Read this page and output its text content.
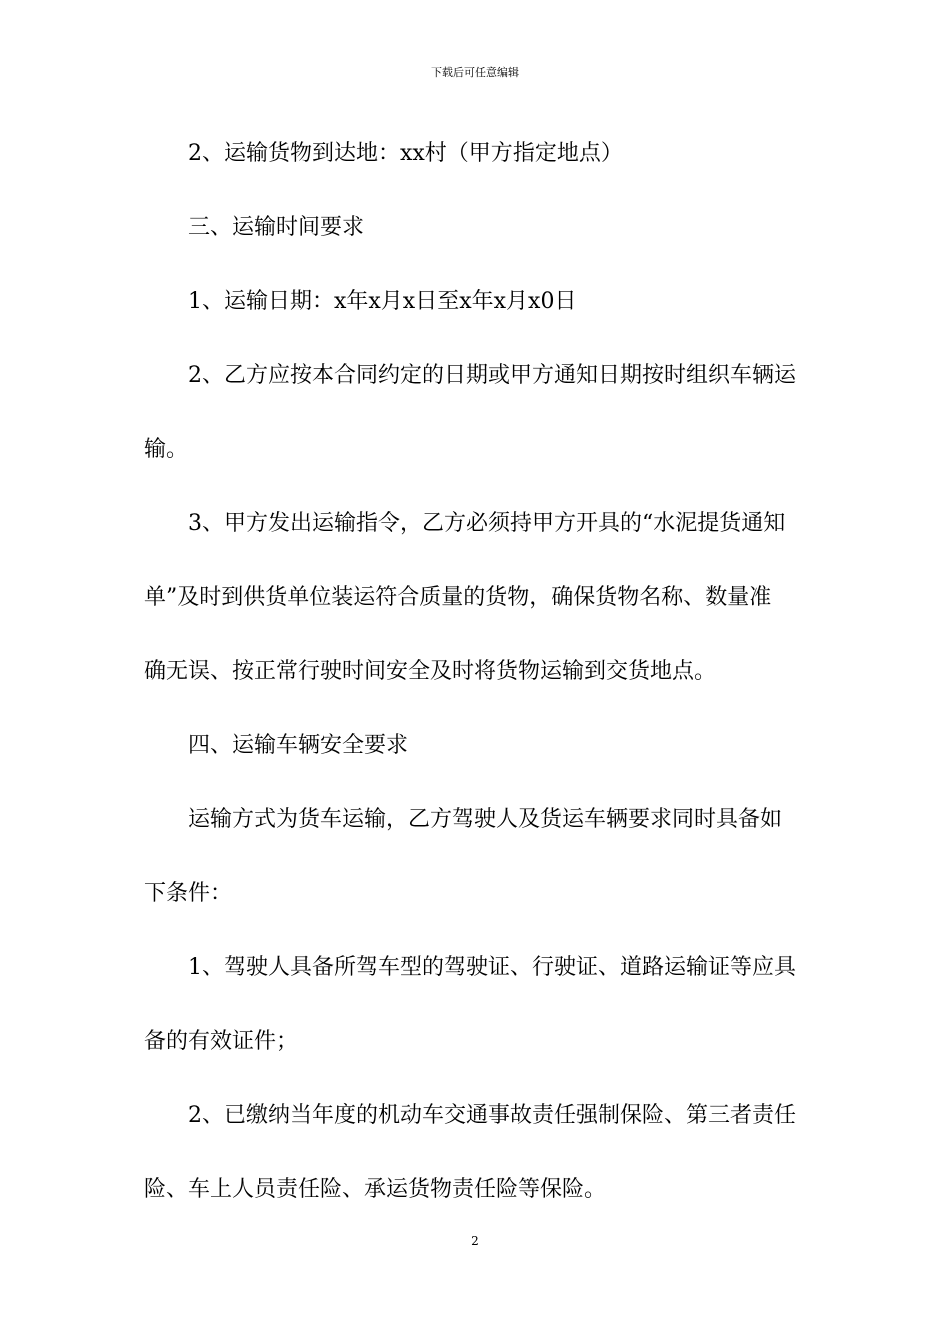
下载后可任意编辑
2、运输货物到达地：xx村（甲方指定地点）
三、运输时间要求
1、运输日期：x年x月x日至x年x月x0日
2、乙方应按本合同约定的日期或甲方通知日期按时组织车辆运
输。
3、甲方发出运输指令，乙方必须持甲方开具的“水泥提货通知
单”及时到供货单位装运符合质量的货物，确保货物名称、数量准
确无误、按正常行驶时间安全及时将货物运输到交货地点。
四、运输车辆安全要求
运输方式为货车运输，乙方驾驶人及货运车辆要求同时具备如
下条件：
1、驾驶人具备所驾车型的驾驶证、行驶证、道路运输证等应具
备的有效证件；
2、已缴纳当年度的机动车交通事故责任强制保险、第三者责任
险、车上人员责任险、承运货物责任险等保险。
2
